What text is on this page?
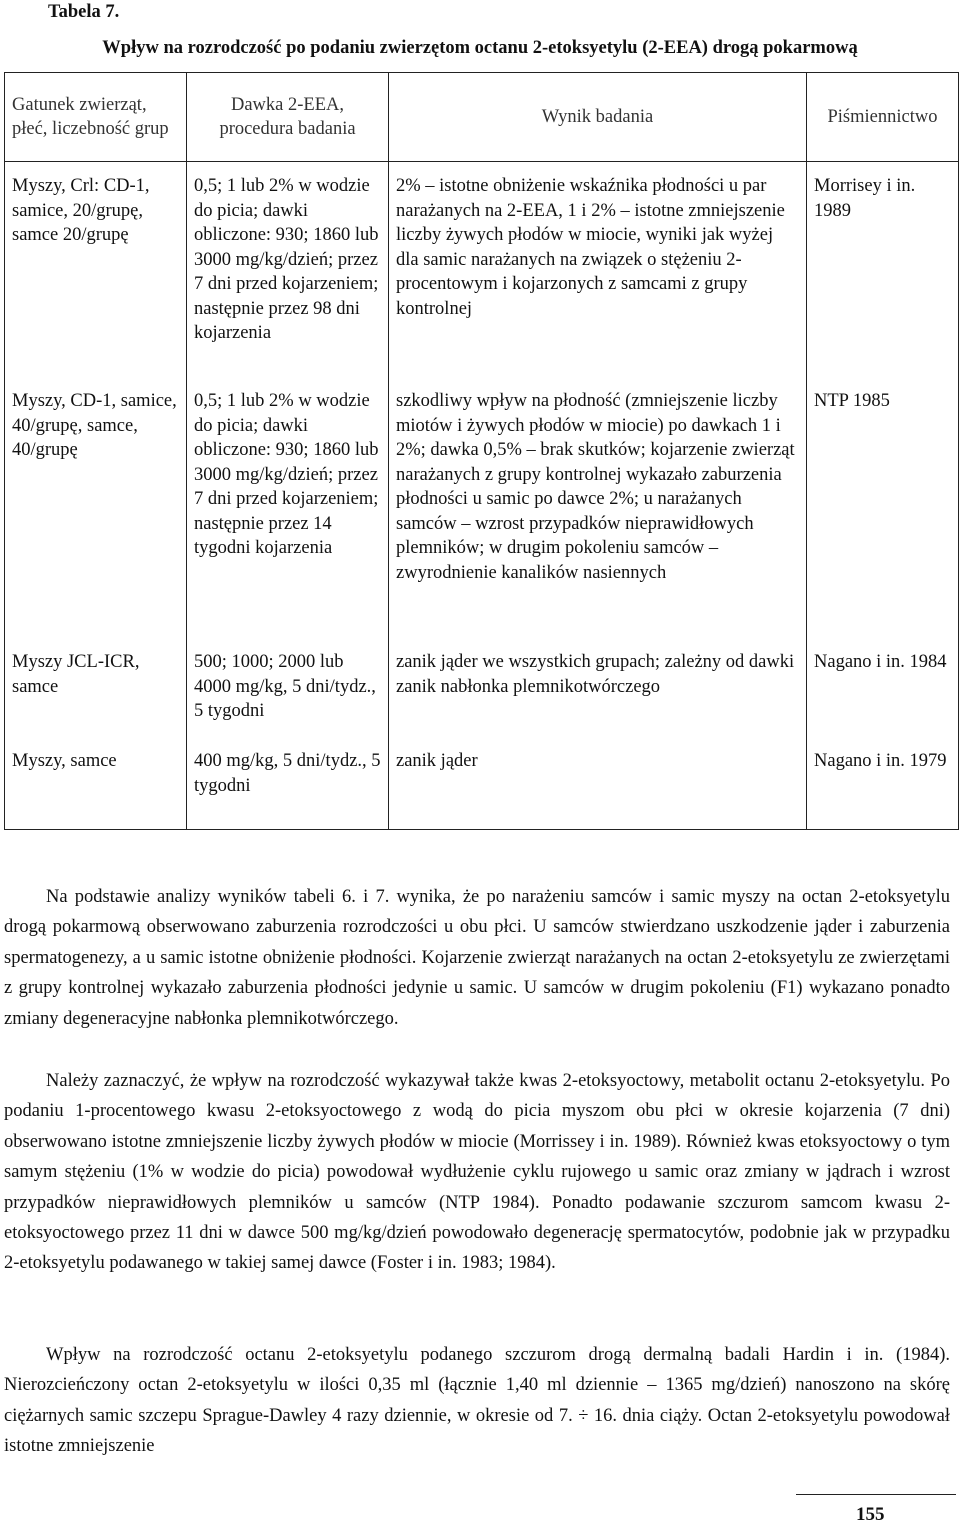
Tabela 7.
Wpływ na rozrodczość po podaniu zwierzętom octanu 2-etoksyetylu (2-EEA) drogą pokarmową
Gatunek zwierząt, płeć, liczebność grup	Dawka 2-EEA, procedura badania	Wynik badania	Piśmiennictwo
Myszy, Crl: CD-1, samice, 20/grupę, samce 20/grupę	0,5; 1 lub 2% w wodzie do picia; dawki obliczone: 930; 1860 lub 3000 mg/kg/dzień; przez 7 dni przed kojarzeniem; następnie przez 98 dni kojarzenia	2% – istotne obniżenie wskaźnika płodności u par narażanych na 2-EEA, 1 i 2% – istotne zmniejszenie liczby żywych płodów w miocie, wyniki jak wyżej dla samic narażanych na związek o stężeniu 2-procentowym i kojarzonych z samcami z grupy kontrolnej	Morrisey i in. 1989
Myszy, CD-1, samice, 40/grupę, samce, 40/grupę	0,5; 1 lub 2% w wodzie do picia; dawki obliczone: 930; 1860 lub 3000 mg/kg/dzień; przez 7 dni przed kojarzeniem; następnie przez 14 tygodni kojarzenia	szkodliwy wpływ na płodność (zmniejszenie liczby miotów i żywych płodów w miocie) po dawkach 1 i 2%; dawka 0,5% – brak skutków; kojarzenie zwierząt narażanych z grupy kontrolnej wykazało zaburzenia płodności u samic po dawce 2%; u narażanych samców – wzrost przypadków nieprawidłowych plemników; w drugim pokoleniu samców – zwyrodnienie kanalików nasiennych	NTP 1985
Myszy JCL-ICR, samce	500; 1000; 2000 lub 4000 mg/kg, 5 dni/tydz., 5 tygodni	zanik jąder we wszystkich grupach; zależny od dawki zanik nabłonka plemnikotwórczego	Nagano i in. 1984
Myszy, samce	400 mg/kg, 5 dni/tydz., 5 tygodni	zanik jąder	Nagano i in. 1979
Na podstawie analizy wyników tabeli 6. i 7. wynika, że po narażeniu samców i samic myszy na octan 2-etoksyetylu drogą pokarmową obserwowano zaburzenia rozrodczości u obu płci. U samców stwierdzano uszkodzenie jąder i zaburzenia spermatogenezy, a u samic istotne obniżenie płodności. Kojarzenie zwierząt narażanych na octan 2-etoksyetylu ze zwierzętami z grupy kontrolnej wykazało zaburzenia płodności jedynie u samic. U samców w drugim pokoleniu (F1) wykazano ponadto zmiany degeneracyjne nabłonka plemnikotwórczego.
Należy zaznaczyć, że wpływ na rozrodczość wykazywał także kwas 2-etoksyoctowy, metabolit octanu 2-etoksyetylu. Po podaniu 1-procentowego kwasu 2-etoksyoctowego z wodą do picia myszom obu płci w okresie kojarzenia (7 dni) obserwowano istotne zmniejszenie liczby żywych płodów w miocie (Morrissey i in. 1989). Również kwas etoksyoctowy o tym samym stężeniu (1% w wodzie do picia) powodował wydłużenie cyklu rujowego u samic oraz zmiany w jądrach i wzrost przypadków nieprawidłowych plemników u samców (NTP 1984). Ponadto podawanie szczurom samcom kwasu 2-etoksyoctowego przez 11 dni w dawce 500 mg/kg/dzień powodowało degenerację spermatocytów, podobnie jak w przypadku 2-etoksyetylu podawanego w takiej samej dawce (Foster i in. 1983; 1984).
Wpływ na rozrodczość octanu 2-etoksyetylu podanego szczurom drogą dermalną badali Hardin i in. (1984). Nierozcieńczony octan 2-etoksyetylu w ilości 0,35 ml (łącznie 1,40 ml dziennie – 1365 mg/dzień) nanoszono na skórę ciężarnych samic szczepu Sprague-Dawley 4 razy dziennie, w okresie od 7. ÷ 16. dnia ciąży. Octan 2-etoksyetylu powodował istotne zmniejszenie
155
